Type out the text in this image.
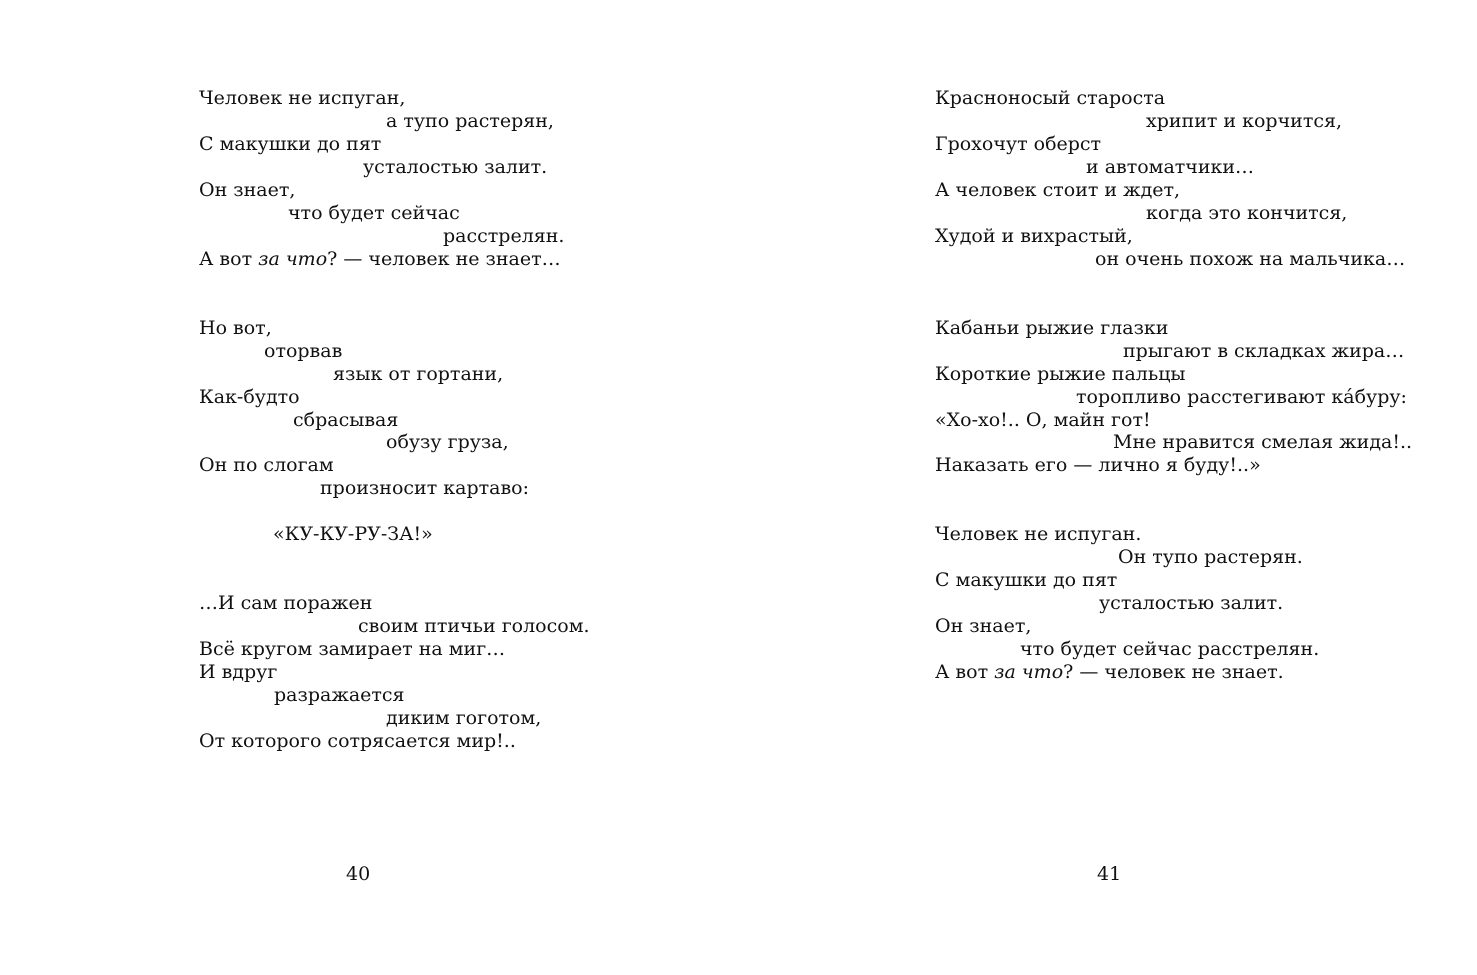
Человек не испуган,
а тупо растерян,
С макушки до пят
усталостью залит.
Он знает,
что будет сейчас
расстрелян.
А вот за что? — человек не знает…
Но вот,
оторвав
язык от гортани,
Как-будто
сбрасывая
обузу груза,
Он по слогам
произносит картаво:
«КУ-КУ-РУ-ЗА!»
…И сам поражен
своим птичьи голосом.
Всё кругом замирает на миг…
И вдруг
разражается
диким гоготом,
От которого сотрясается мир!..
40
Красноносый староста
хрипит и корчится,
Грохочут оберст
и автоматчики…
А человек стоит и ждет,
когда это кончится,
Худой и вихрастый,
он очень похож на мальчика…
Кабаньи рыжие глазки
прыгают в складках жира…
Короткие рыжие пальцы
торопливо расстегивают ка́буру:
«Хо-хо!.. О, майн гот!
Мне нравится смелая жида!..
Наказать его — лично я буду!..»
Человек не испуган.
Он тупо растерян.
С макушки до пят
усталостью залит.
Он знает,
что будет сейчас расстрелян.
А вот за что? — человек не знает.
41
